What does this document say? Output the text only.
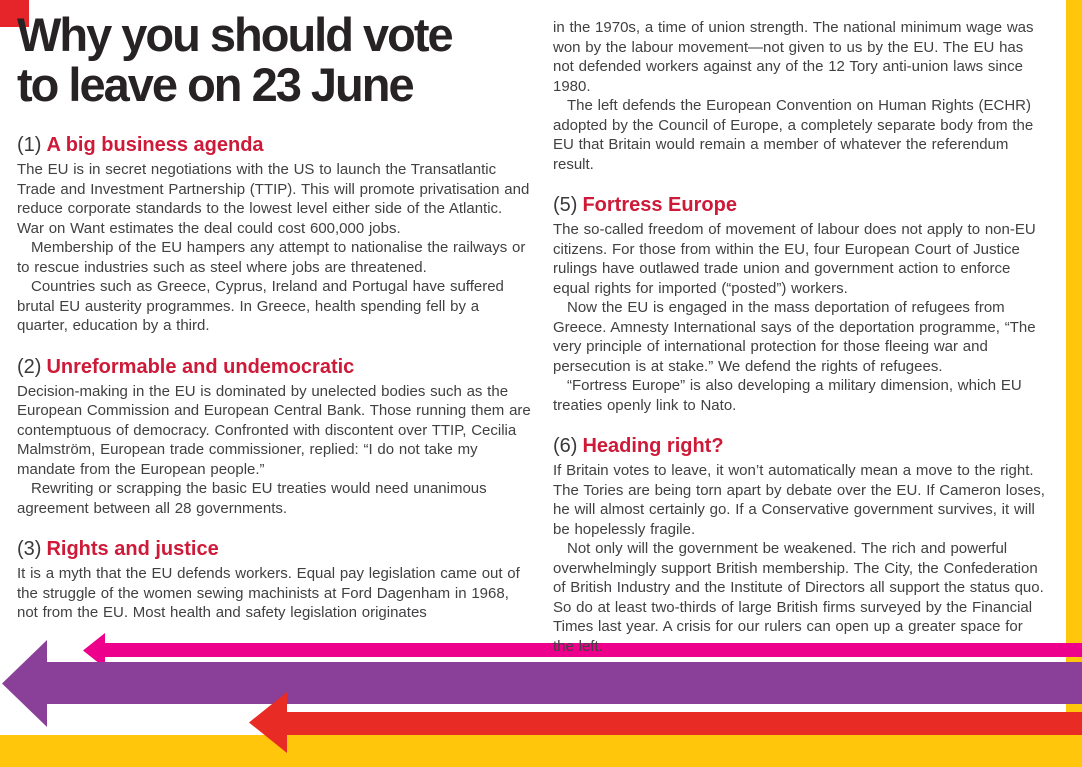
Why you should vote
to leave on 23 June
(1) A big business agenda

The EU is in secret negotiations with the US to launch the Transatlantic Trade and Investment Partnership (TTIP). This will promote privatisation and reduce corporate standards to the lowest level either side of the Atlantic. War on Want estimates the deal could cost 600,000 jobs.

Membership of the EU hampers any attempt to nationalise the railways or to rescue industries such as steel where jobs are threatened.

Countries such as Greece, Cyprus, Ireland and Portugal have suffered brutal EU austerity programmes. In Greece, health spending fell by a quarter, education by a third.

(2) Unreformable and undemocratic

Decision-making in the EU is dominated by unelected bodies such as the European Commission and European Central Bank. Those running them are contemptuous of democracy. Confronted with discontent over TTIP, Cecilia Malmström, European trade commissioner, replied: “I do not take my mandate from the European people.”

Rewriting or scrapping the basic EU treaties would need unanimous agreement between all 28 governments.

(3) Rights and justice

It is a myth that the EU defends workers. Equal pay legislation came out of the struggle of the women sewing machinists at Ford Dagenham in 1968, not from the EU. Most health and safety legislation originates

in the 1970s, a time of union strength. The national minimum wage was won by the labour movement—not given to us by the EU. The EU has not defended workers against any of the 12 Tory anti-union laws since 1980.

The left defends the European Convention on Human Rights (ECHR) adopted by the Council of Europe, a completely separate body from the EU that Britain would remain a member of whatever the referendum result.

(5) Fortress Europe

The so-called freedom of movement of labour does not apply to non-EU citizens. For those from within the EU, four European Court of Justice rulings have outlawed trade union and government action to enforce equal rights for imported (“posted”) workers.

Now the EU is engaged in the mass deportation of refugees from Greece. Amnesty International says of the deportation programme, “The very principle of international protection for those fleeing war and persecution is at stake.” We defend the rights of refugees.

“Fortress Europe” is also developing a military dimension, which EU treaties openly link to Nato.

(6) Heading right?

If Britain votes to leave, it won’t automatically mean a move to the right. The Tories are being torn apart by debate over the EU. If Cameron loses, he will almost certainly go. If a Conservative government survives, it will be hopelessly fragile.

Not only will the government be weakened. The rich and powerful overwhelmingly support British membership. The City, the Confederation of British Industry and the Institute of Directors all support the status quo. So do at least two-thirds of large British firms surveyed by the Financial Times last year. A crisis for our rulers can open up a greater space for the left.
